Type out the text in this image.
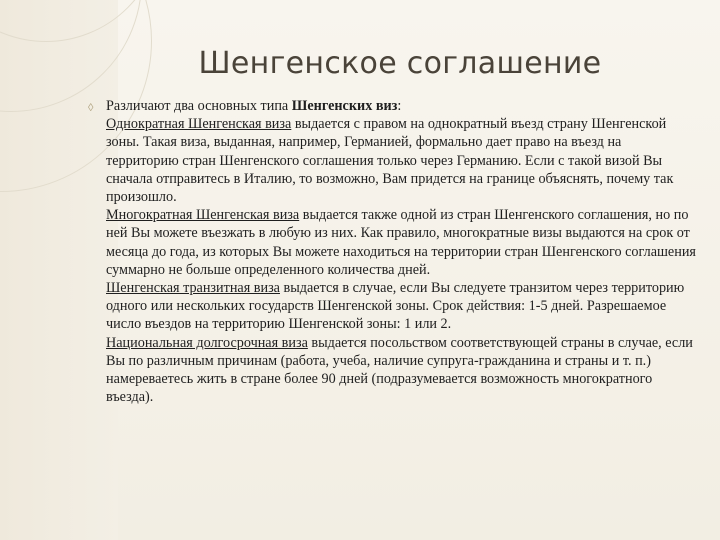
Шенгенское соглашение
◊ Различают два основных типа Шенгенских виз:
Однократная Шенгенская виза выдается с правом на однократный въезд страну Шенгенской зоны. Такая виза, выданная, например, Германией, формально дает право на въезд на территорию стран Шенгенского соглашения только через Германию. Если с такой визой Вы сначала отправитесь в Италию, то возможно, Вам придется на границе объяснять, почему так произошло.
Многократная Шенгенская виза выдается также одной из стран Шенгенского соглашения, но по ней Вы можете въезжать в любую из них. Как правило, многократные визы выдаются на срок от месяца до года, из которых Вы можете находиться на территории стран Шенгенского соглашения суммарно не больше определенного количества дней.
Шенгенская транзитная виза выдается в случае, если Вы следуете транзитом через территорию одного или нескольких государств Шенгенской зоны. Срок действия: 1-5 дней. Разрешаемое число въездов на территорию Шенгенской зоны: 1 или 2.
Национальная долгосрочная виза выдается посольством соответствующей страны в случае, если Вы по различным причинам (работа, учеба, наличие супруга-гражданина и страны и т. п.) намереваетесь жить в стране более 90 дней (подразумевается возможность многократного въезда).
